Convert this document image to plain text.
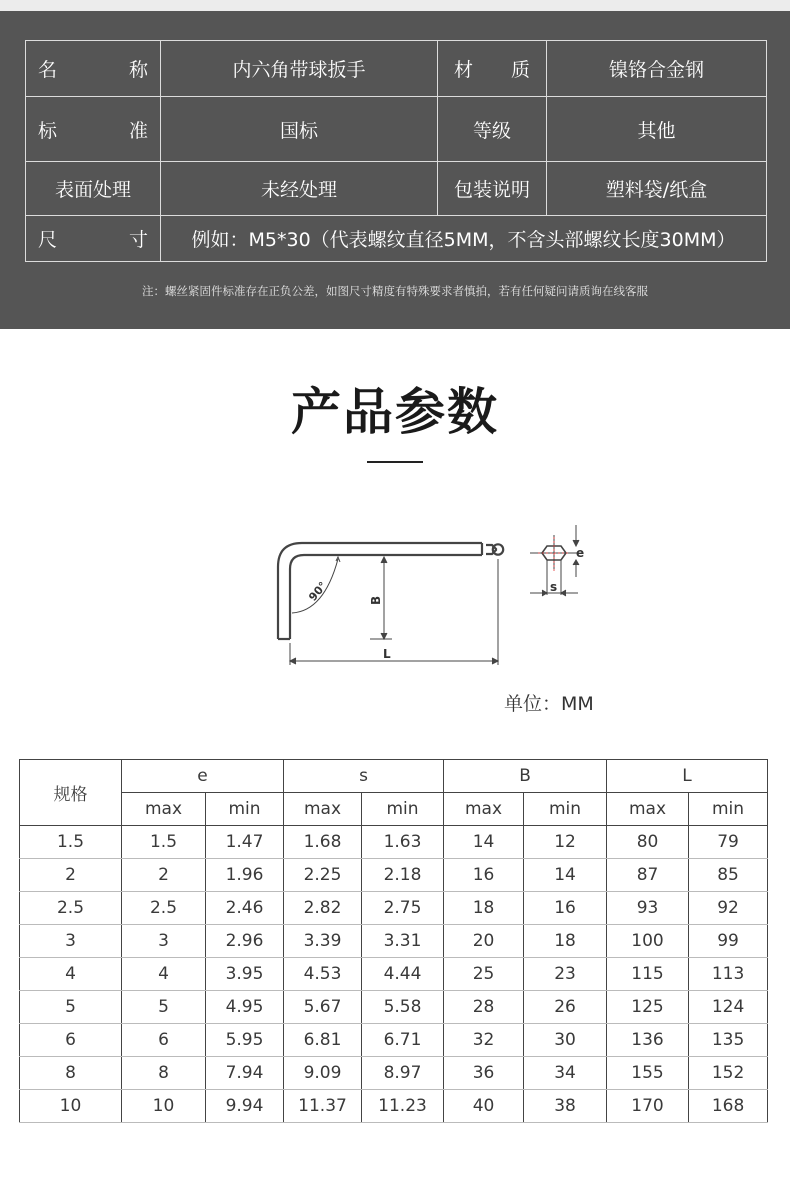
名　　称	内六角带球扳手	材　　质	镍铬合金钢
标　　准	国标	等级	其他
表面处理	未经处理	包装说明	塑料袋/纸盒
尺　　寸	例如：M5*30（代表螺纹直径5MM，不含头部螺纹长度30MM）		
注：螺丝紧固件标准存在正负公差，如图尺寸精度有特殊要求者慎拍，若有任何疑问请质询在线客服
产品参数
90°	B
L
e
s
单位：MM
规格	e		s		B		L	
	max	min	max	min	max	min	max	min
1.5	1.5	1.47	1.68	1.63	14	12	80	79
2	2	1.96	2.25	2.18	16	14	87	85
2.5	2.5	2.46	2.82	2.75	18	16	93	92
3	3	2.96	3.39	3.31	20	18	100	99
4	4	3.95	4.53	4.44	25	23	115	113
5	5	4.95	5.67	5.58	28	26	125	124
6	6	5.95	6.81	6.71	32	30	136	135
8	8	7.94	9.09	8.97	36	34	155	152
10	10	9.94	11.37	11.23	40	38	170	168
